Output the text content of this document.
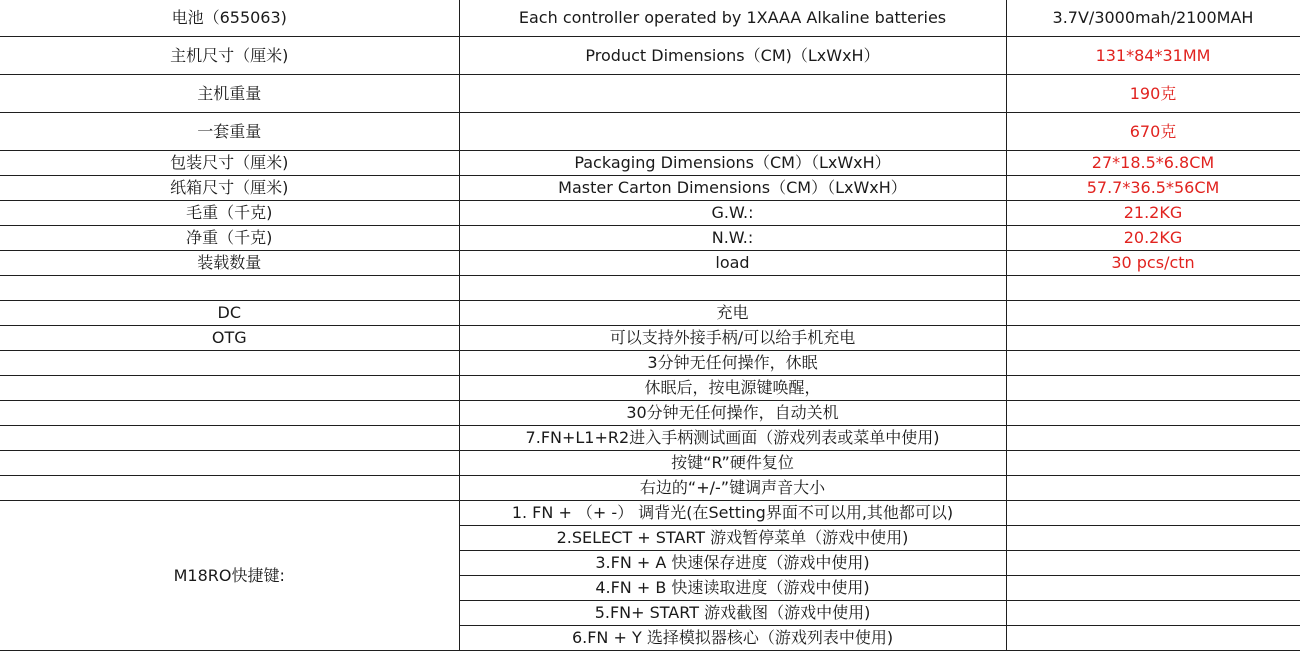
电池（655063)	Each controller operated by 1XAAA Alkaline batteries	3.7V/3000mah/2100MAH
主机尺寸（厘米)	Product Dimensions（CM)（LxWxH）	131*84*31MM
主机重量		190克
一套重量		670克
包装尺寸（厘米)	Packaging Dimensions（CM）（LxWxH）	27*18.5*6.8CM
纸箱尺寸（厘米)	Master Carton Dimensions（CM）（LxWxH）	57.7*36.5*56CM
毛重（千克)	G.W.:	21.2KG
净重（千克)	N.W.:	20.2KG
装载数量	load	30 pcs/ctn

DC	充电	
OTG	可以支持外接手柄/可以给手机充电	
	3分钟无任何操作，休眠	
	休眠后，按电源键唤醒，	
	30分钟无任何操作，自动关机	
	7.FN+L1+R2进入手柄测试画面（游戏列表或菜单中使用)	
	按键“R”硬件复位	
	右边的“+/-”键调声音大小	
M18RO快捷键:	1. FN + （+ -） 调背光(在Setting界面不可以用,其他都可以)	
	2.SELECT + START 游戏暂停菜单（游戏中使用)	
	3.FN + A 快速保存进度（游戏中使用)	
	4.FN + B 快速读取进度（游戏中使用)	
	5.FN+ START 游戏截图（游戏中使用)	
	6.FN + Y 选择模拟器核心（游戏列表中使用)	
